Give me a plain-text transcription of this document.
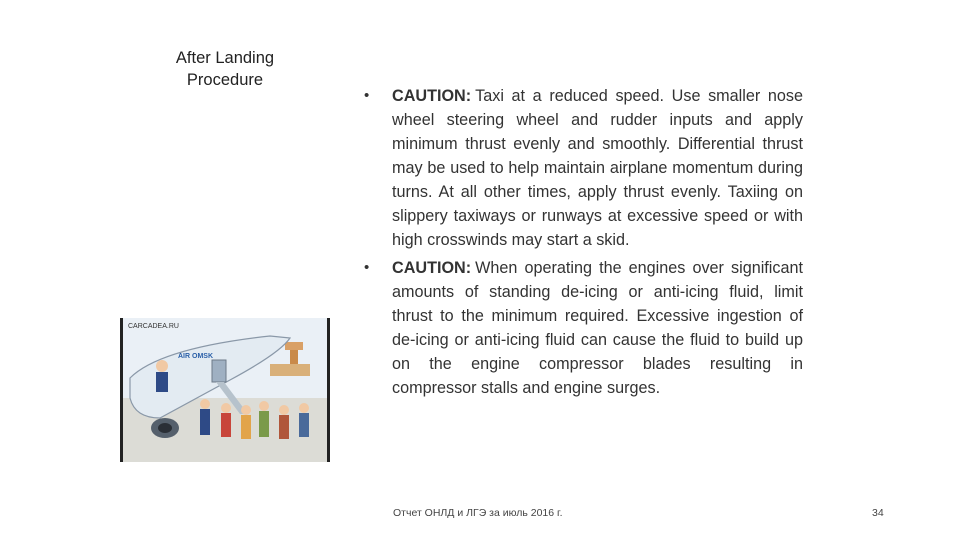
After Landing
Procedure
• CAUTION: Taxi at a reduced speed. Use smaller nose wheel steering wheel and rudder inputs and apply minimum thrust evenly and smoothly. Differential thrust may be used to help maintain airplane momentum during turns. At all other times, apply thrust evenly. Taxiing on slippery taxiways or runways at excessive speed or with high crosswinds may start a skid.
• CAUTION: When operating the engines over significant amounts of standing de-icing or anti-icing fluid, limit thrust to the minimum required. Excessive ingestion of de-icing or anti-icing fluid can cause the fluid to build up on the engine compressor blades resulting in compressor stalls and engine surges.
AIR OMSK
CARCADEA.RU
Отчет ОНЛД и ЛГЭ за июль 2016 г.	34
